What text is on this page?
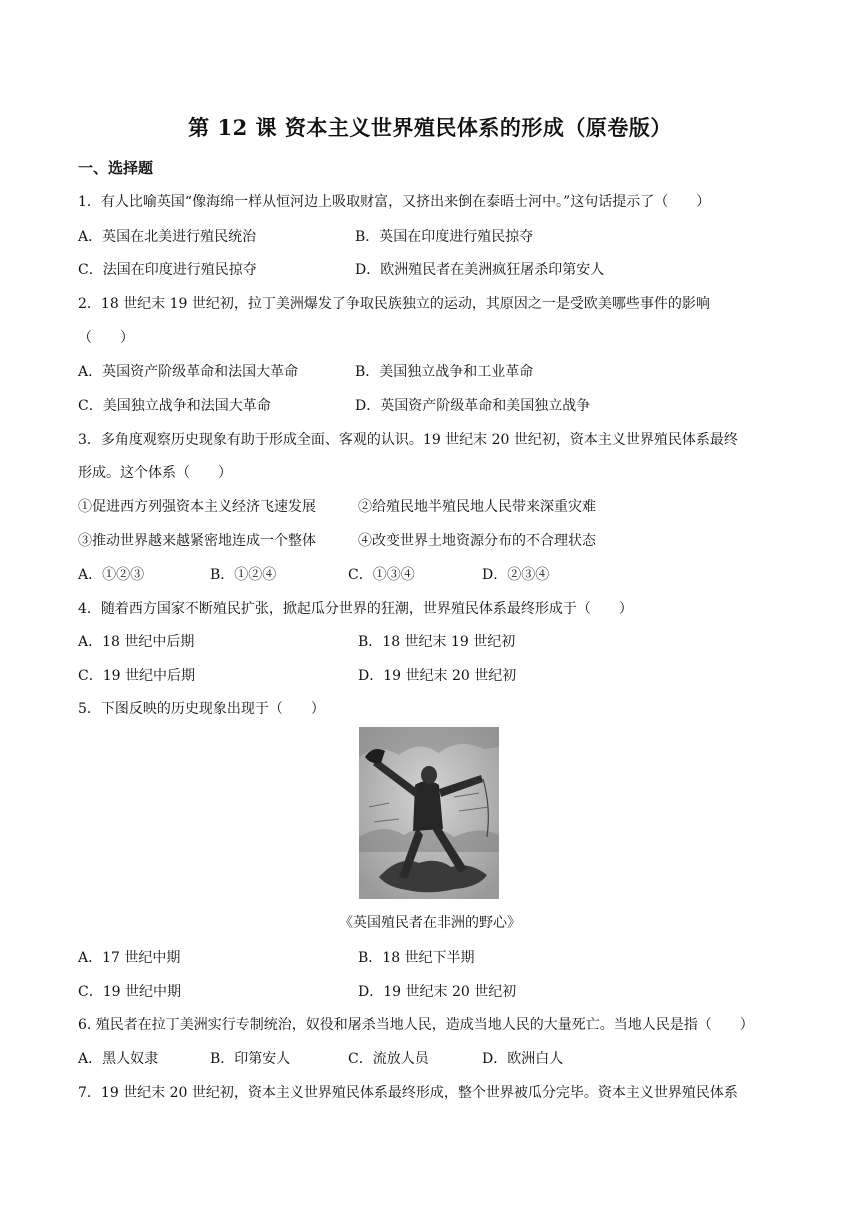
第 12 课 资本主义世界殖民体系的形成（原卷版）
一、选择题
1．有人比喻英国“像海绵一样从恒河边上吸取财富，又挤出来倒在泰晤士河中。”这句话提示了（　　）
A．英国在北美进行殖民统治	B．英国在印度进行殖民掠夺
C．法国在印度进行殖民掠夺	D．欧洲殖民者在美洲疯狂屠杀印第安人
2．18 世纪末 19 世纪初，拉丁美洲爆发了争取民族独立的运动，其原因之一是受欧美哪些事件的影响
（　　）
A．英国资产阶级革命和法国大革命	B．美国独立战争和工业革命
C．美国独立战争和法国大革命	D．英国资产阶级革命和美国独立战争
3．多角度观察历史现象有助于形成全面、客观的认识。19 世纪末 20 世纪初，资本主义世界殖民体系最终
形成。这个体系（　　）
①促进西方列强资本主义经济飞速发展	②给殖民地半殖民地人民带来深重灾难
③推动世界越来越紧密地连成一个整体	④改变世界土地资源分布的不合理状态
A．①②③	B．①②④	C．①③④	D．②③④
4．随着西方国家不断殖民扩张，掀起瓜分世界的狂潮，世界殖民体系最终形成于（　　）
A．18 世纪中后期	B．18 世纪末 19 世纪初
C．19 世纪中后期	D．19 世纪末 20 世纪初
5．下图反映的历史现象出现于（　　）
《英国殖民者在非洲的野心》
A．17 世纪中期	B．18 世纪下半期
C．19 世纪中期	D．19 世纪末 20 世纪初
6. 殖民者在拉丁美洲实行专制统治，奴役和屠杀当地人民，造成当地人民的大量死亡。当地人民是指（　　）
A．黑人奴隶	B．印第安人	C．流放人员	D．欧洲白人
7．19 世纪末 20 世纪初，资本主义世界殖民体系最终形成，整个世界被瓜分完毕。资本主义世界殖民体系
